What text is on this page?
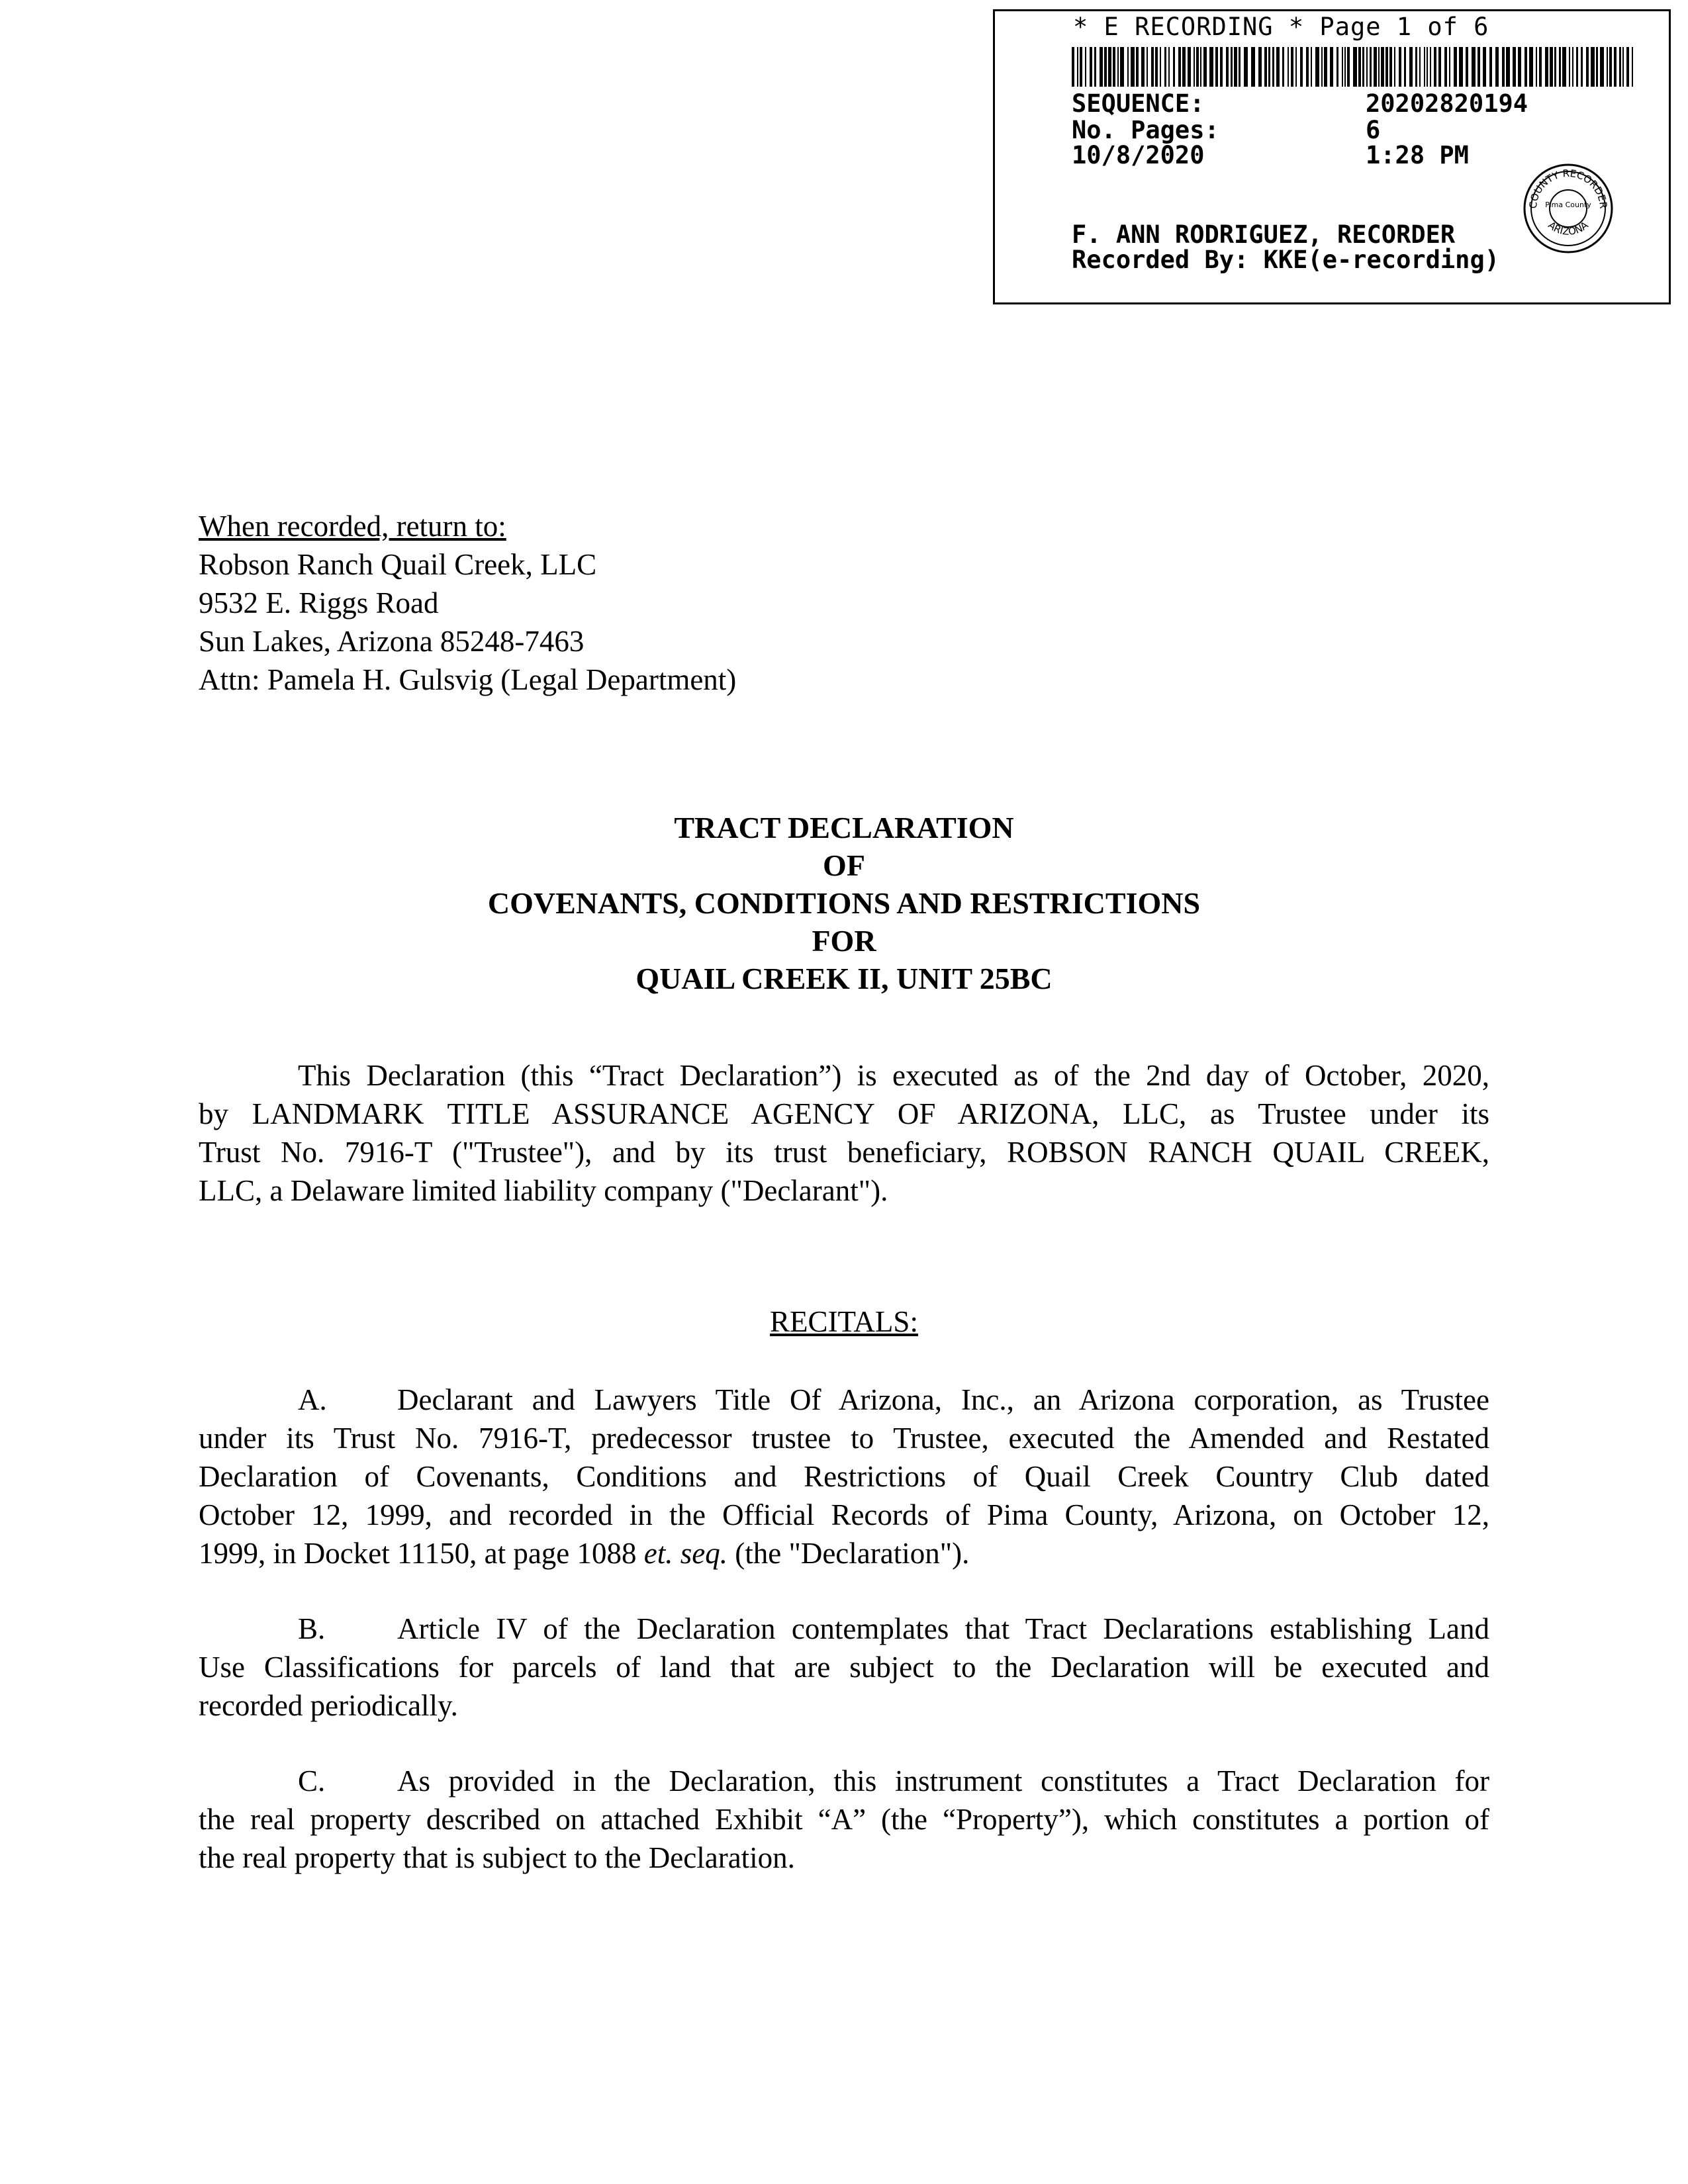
* E RECORDING * Page 1 of 6
SEQUENCE:	20202820194
No. Pages:	6
10/8/2020	1:28 PM
F. ANN RODRIGUEZ, RECORDER
Recorded By: KKE(e-recording)
COUNTY RECORDER
Pima County
ARIZONA
When recorded, return to:
Robson Ranch Quail Creek, LLC
9532 E. Riggs Road
Sun Lakes, Arizona 85248-7463
Attn: Pamela H. Gulsvig (Legal Department)
TRACT DECLARATION
OF
COVENANTS, CONDITIONS AND RESTRICTIONS
FOR
QUAIL CREEK II, UNIT 25BC
This Declaration (this “Tract Declaration”) is executed as of the 2nd day of October, 2020,
by LANDMARK TITLE ASSURANCE AGENCY OF ARIZONA, LLC, as Trustee under its
Trust No. 7916-T ("Trustee"), and by its trust beneficiary, ROBSON RANCH QUAIL CREEK,
LLC, a Delaware limited liability company ("Declarant").
RECITALS:
A.	Declarant and Lawyers Title Of Arizona, Inc., an Arizona corporation, as Trustee
under its Trust No. 7916-T, predecessor trustee to Trustee, executed the Amended and Restated
Declaration of Covenants, Conditions and Restrictions of Quail Creek Country Club dated
October 12, 1999, and recorded in the Official Records of Pima County, Arizona, on October 12,
1999, in Docket 11150, at page 1088 et. seq. (the "Declaration").
B.	Article IV of the Declaration contemplates that Tract Declarations establishing Land
Use Classifications for parcels of land that are subject to the Declaration will be executed and
recorded periodically.
C.	As provided in the Declaration, this instrument constitutes a Tract Declaration for
the real property described on attached Exhibit “A” (the “Property”), which constitutes a portion of
the real property that is subject to the Declaration.
